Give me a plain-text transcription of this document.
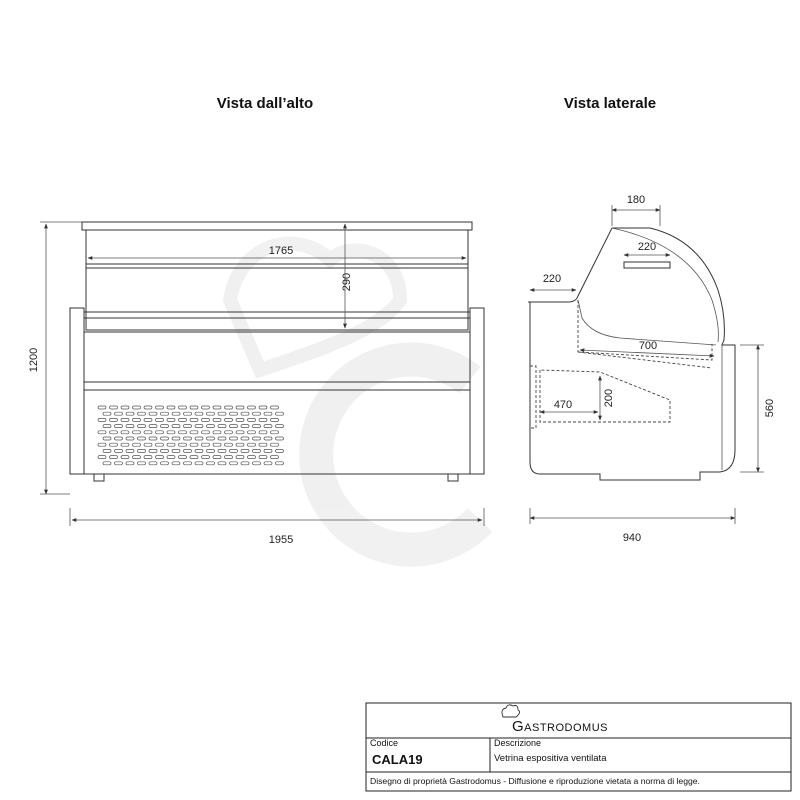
Vista dall’alto	Vista laterale
1765
290
1200
1955
180
220
220
700
470	200
560
940
Gastrodomus
Codice
CALA19
Descrizione
Vetrina espositiva ventilata
Disegno di proprietà Gastrodomus - Diffusione e riproduzione vietata a norma di legge.
